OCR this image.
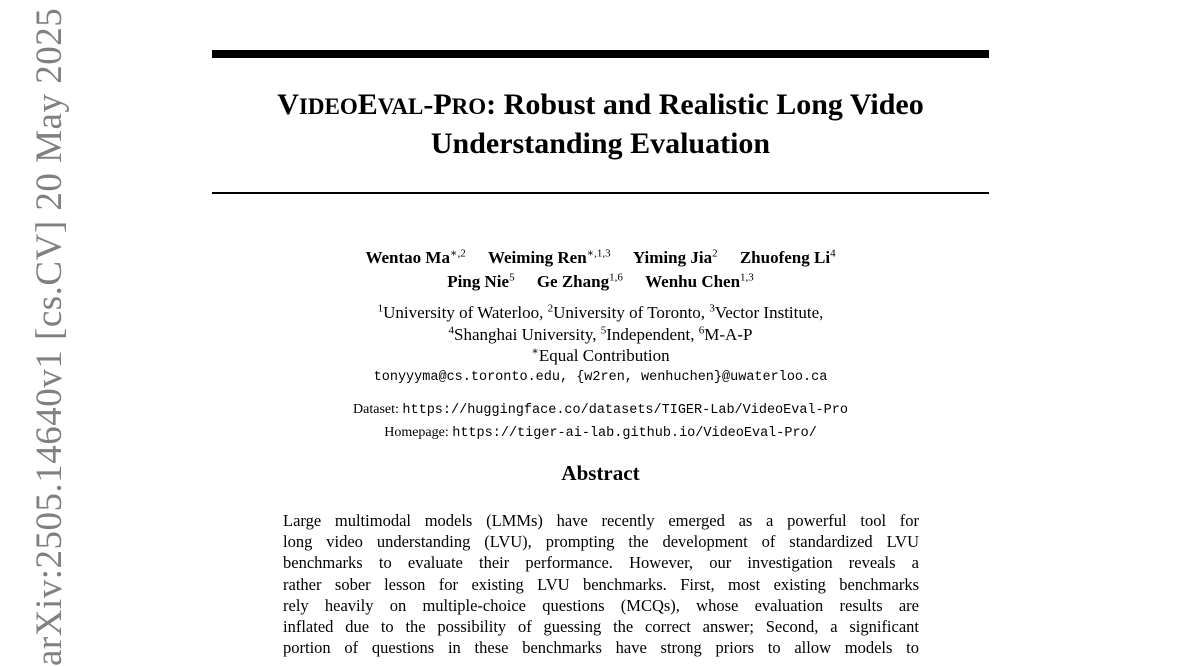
arXiv:2505.14640v1 [cs.CV] 20 May 2025	VIDEOEVAL-PRO: Robust and Realistic Long Video
Understanding Evaluation
Wentao $Ma^{∗,2}$ Weiming Ren$^{∗,1,3}$ Yiming Jia$^2$ Zhuofeng Li$^4$
Ping Nie$^5$ Ge Zhang$^{1,6}$ Wenhu Chen$^{1,3}$
$^1$University of Waterloo, $^2$University of Toronto, $^3$Vector Institute,
$^4$Shanghai University, $^5$Independent, $^6$M-A-P
∗Equal Contribution
tonyyyma@cs.toronto.edu, {w2ren, wenhuchen}@uwaterloo.ca
Dataset: https://huggingface.co/datasets/TIGER-Lab/VideoEval-Pro
Homepage: https://tiger-ai-lab.github.io/VideoEval-Pro/
Abstract
Large multimodal models (LMMs) have recently emerged as a powerful tool for
long video understanding (LVU), prompting the development of standardized LVU
benchmarks to evaluate their performance. However, our investigation reveals a
rather sober lesson for existing LVU benchmarks. First, most existing benchmarks
rely heavily on multiple-choice questions (MCQs), whose evaluation results are
inflated due to the possibility of guessing the correct answer; Second, a significant
portion of questions in these benchmarks have strong priors to allow models to
